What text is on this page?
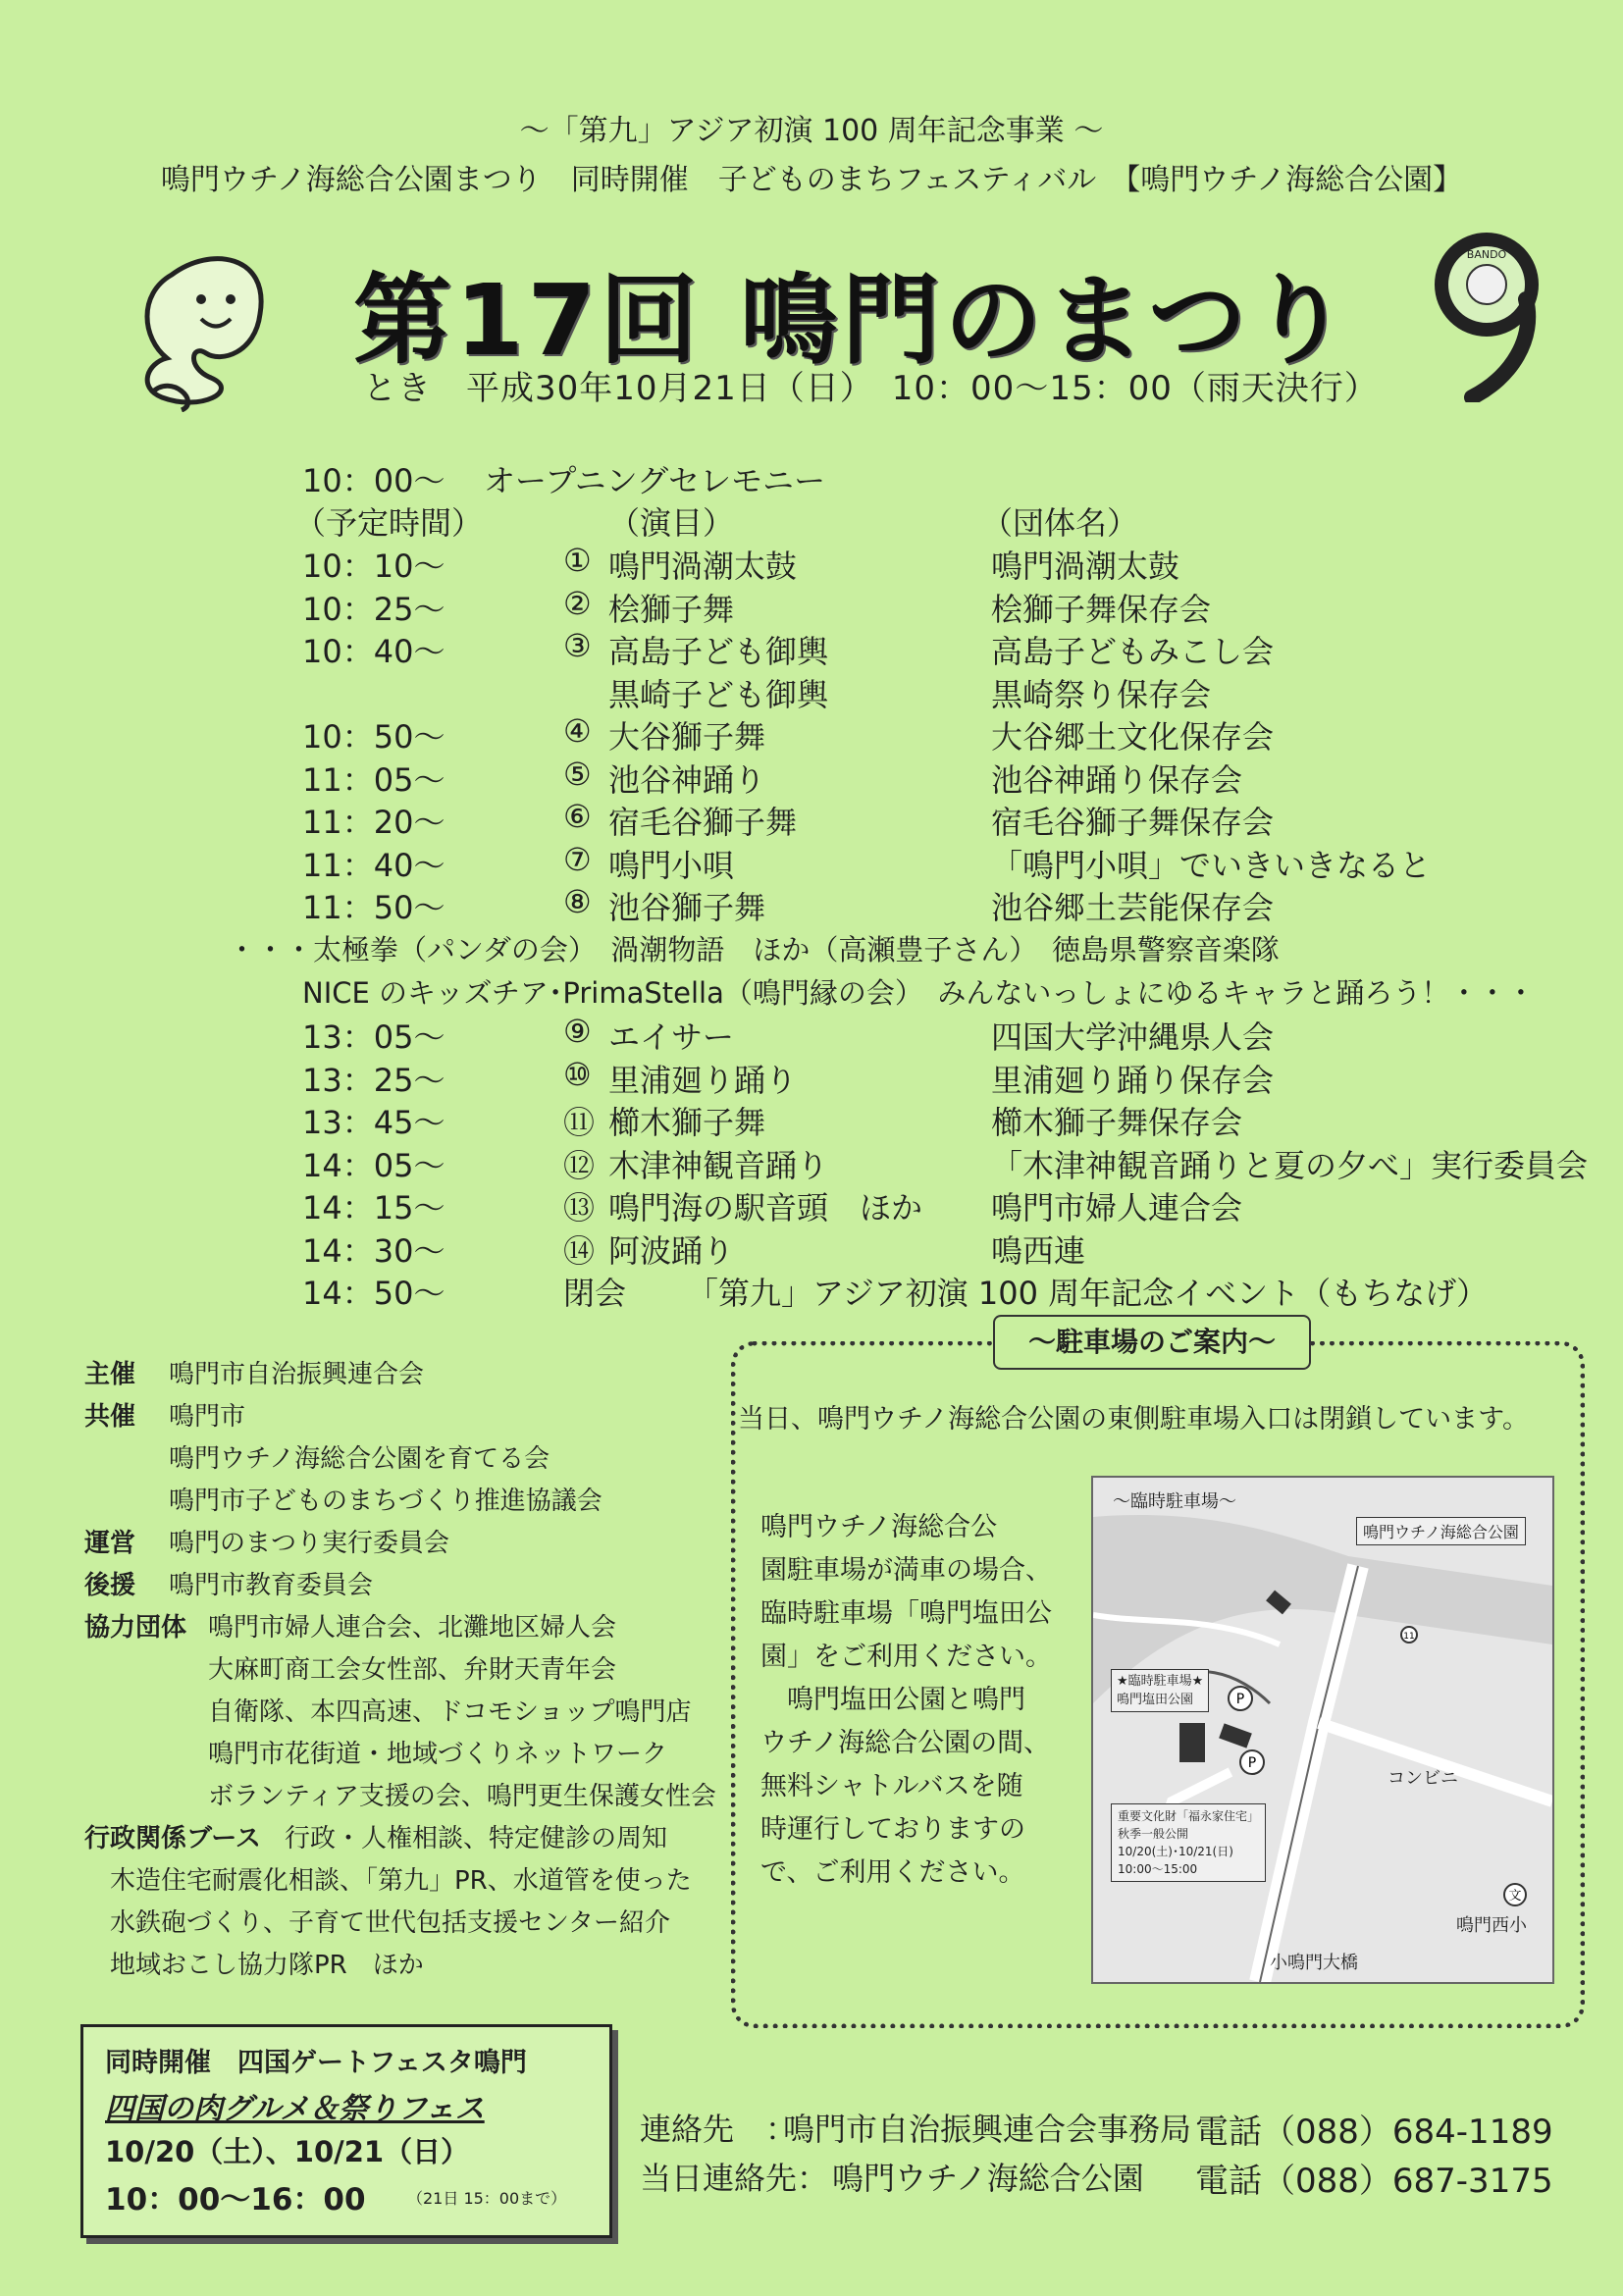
～「第九」アジア初演 100 周年記念事業 ～
鳴門ウチノ海総合公園まつり　同時開催　子どものまちフェスティバル　【鳴門ウチノ海総合公園】
第17回 鳴門のまつり
BANDO
とき　平成30年10月21日（日）　10：00～15：00（雨天決行）
10：00～ オープニングセレモニー
（予定時間）	（演目）	（団体名）
10：10～	① 鳴門渦潮太鼓	鳴門渦潮太鼓
10：25～	② 桧獅子舞	桧獅子舞保存会
10：40～	③ 高島子ども御輿	高島子どもみこし会
黒崎子ども御輿	黒崎祭り保存会
10：50～	④ 大谷獅子舞	大谷郷土文化保存会
11：05～	⑤ 池谷神踊り	池谷神踊り保存会
11：20～	⑥ 宿毛谷獅子舞	宿毛谷獅子舞保存会
11：40～	⑦ 鳴門小唄	「鳴門小唄」でいきいきなると
11：50～	⑧ 池谷獅子舞	池谷郷土芸能保存会
・・・太極拳（パンダの会）　渦潮物語　ほか（高瀬豊子さん）　徳島県警察音楽隊
NICE のキッズチア･PrimaStella（鳴門縁の会）　みんないっしょにゆるキャラと踊ろう！・・・
13：05～	⑨ エイサー	四国大学沖縄県人会
13：25～	⑩ 里浦廻り踊り	里浦廻り踊り保存会
13：45～	⑪ 櫛木獅子舞	櫛木獅子舞保存会
14：05～	⑫ 木津神観音踊り	「木津神観音踊りと夏の夕べ」実行委員会
14：15～	⑬ 鳴門海の駅音頭　ほか 鳴門市婦人連合会
14：30～	⑭ 阿波踊り	鳴西連
14：50～	閉会 「第九」アジア初演 100 周年記念イベント（もちなげ）
主催 鳴門市自治振興連合会
共催 鳴門市
鳴門ウチノ海総合公園を育てる会
鳴門市子どものまちづくり推進協議会
運営 鳴門のまつり実行委員会
後援 鳴門市教育委員会
協力団体 鳴門市婦人連合会、北灘地区婦人会
大麻町商工会女性部、弁財天青年会
自衛隊、本四高速、ドコモショップ鳴門店
鳴門市花街道・地域づくりネットワーク
ボランティア支援の会、鳴門更生保護女性会
行政関係ブース 行政・人権相談、特定健診の周知
木造住宅耐震化相談、「第九」PR、水道管を使った
水鉄砲づくり、子育て世代包括支援センター紹介
地域おこし協力隊PR　ほか
～駐車場のご案内～
当日、鳴門ウチノ海総合公園の東側駐車場入口は閉鎖しています。
鳴門ウチノ海総合公
園駐車場が満車の場合、
臨時駐車場「鳴門塩田公
園」をご利用ください。
鳴門塩田公園と鳴門
ウチノ海総合公園の間、
無料シャトルバスを随
時運行しておりますの
で、ご利用ください。
P
P
11
文
～臨時駐車場～
鳴門ウチノ海総合公園
★臨時駐車場★
鳴門塩田公園
コンビニ
重要文化財「福永家住宅」
秋季一般公開
10/20(土)･10/21(日)
10:00～15:00
鳴門西小
小鳴門大橋
同時開催　四国ゲートフェスタ鳴門
四国の肉グルメ＆祭りフェス
10/20（土）、10/21（日）
10：00～16：00	（21日 15：00まで）
連絡先　：
鳴門市自治振興連合会事務局 電話（088）684-1189
当日連絡先： 鳴門ウチノ海総合公園 電話（088）687-3175
